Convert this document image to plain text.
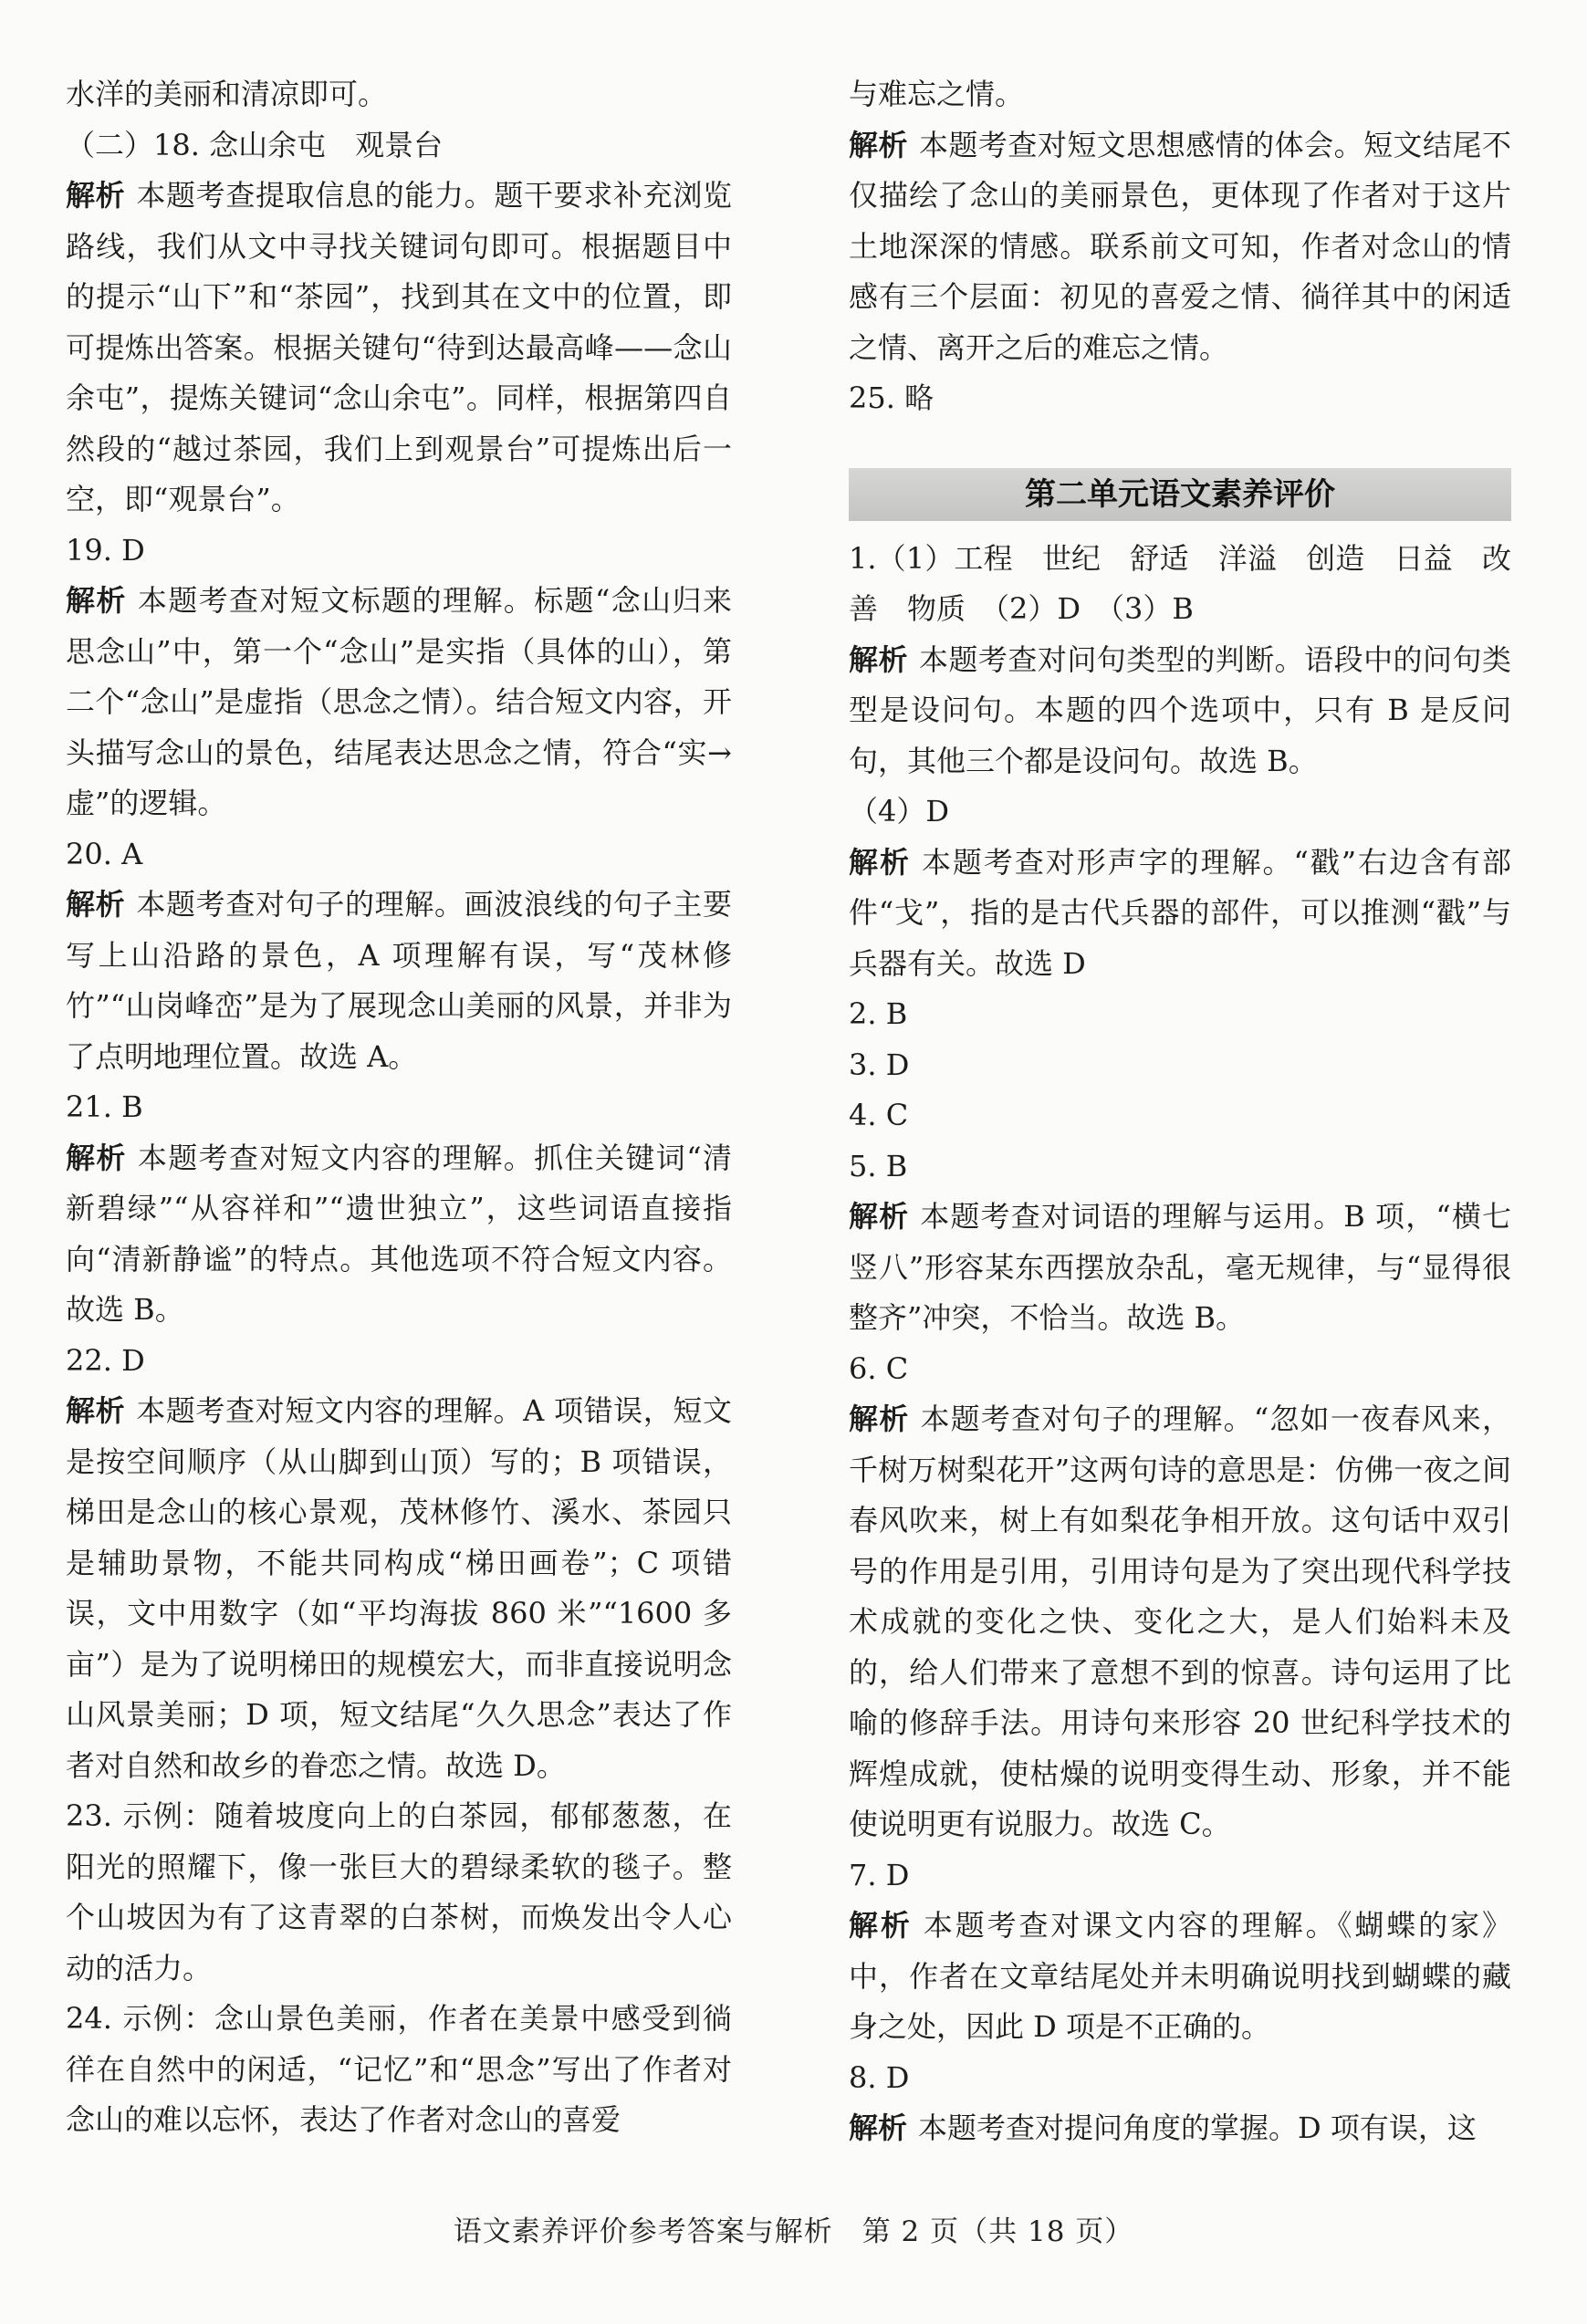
水洋的美丽和清凉即可。

（二）18. 念山余屯　观景台

解析 本题考查提取信息的能力。题干要求补充浏览路线，我们从文中寻找关键词句即可。根据题目中的提示“山下”和“茶园”，找到其在文中的位置，即可提炼出答案。根据关键句“待到达最高峰——念山余屯”，提炼关键词“念山余屯”。同样，根据第四自然段的“越过茶园，我们上到观景台”可提炼出后一空，即“观景台”。

19. D

解析 本题考查对短文标题的理解。标题“念山归来思念山”中，第一个“念山”是实指（具体的山），第二个“念山”是虚指（思念之情）。结合短文内容，开头描写念山的景色，结尾表达思念之情，符合“实→虚”的逻辑。

20. A

解析 本题考查对句子的理解。画波浪线的句子主要写上山沿路的景色，A 项理解有误，写“茂林修竹”“山岗峰峦”是为了展现念山美丽的风景，并非为了点明地理位置。故选 A。

21. B

解析 本题考查对短文内容的理解。抓住关键词“清新碧绿”“从容祥和”“遗世独立”，这些词语直接指向“清新静谧”的特点。其他选项不符合短文内容。故选 B。

22. D

解析 本题考查对短文内容的理解。A 项错误，短文是按空间顺序（从山脚到山顶）写的；B 项错误，梯田是念山的核心景观，茂林修竹、溪水、茶园只是辅助景物，不能共同构成“梯田画卷”；C 项错误，文中用数字（如“平均海拔 860 米”“1600 多亩”）是为了说明梯田的规模宏大，而非直接说明念山风景美丽；D 项，短文结尾“久久思念”表达了作者对自然和故乡的眷恋之情。故选 D。

23. 示例：随着坡度向上的白茶园，郁郁葱葱，在阳光的照耀下，像一张巨大的碧绿柔软的毯子。整个山坡因为有了这青翠的白茶树，而焕发出令人心动的活力。

24. 示例：念山景色美丽，作者在美景中感受到徜徉在自然中的闲适，“记忆”和“思念”写出了作者对念山的难以忘怀，表达了作者对念山的喜爱

与难忘之情。

解析 本题考查对短文思想感情的体会。短文结尾不仅描绘了念山的美丽景色，更体现了作者对于这片土地深深的情感。联系前文可知，作者对念山的情感有三个层面：初见的喜爱之情、徜徉其中的闲适之情、离开之后的难忘之情。

25. 略

第二单元语文素养评价

1.（1）工程　世纪　舒适　洋溢　创造　日益　改善　物质　（2）D　（3）B

解析 本题考查对问句类型的判断。语段中的问句类型是设问句。本题的四个选项中，只有 B 是反问句，其他三个都是设问句。故选 B。

（4）D

解析 本题考查对形声字的理解。“戳”右边含有部件“戈”，指的是古代兵器的部件，可以推测“戳”与兵器有关。故选 D

2. B

3. D

4. C

5. B

解析 本题考查对词语的理解与运用。B 项，“横七竖八”形容某东西摆放杂乱，毫无规律，与“显得很整齐”冲突，不恰当。故选 B。

6. C

解析 本题考查对句子的理解。“忽如一夜春风来，千树万树梨花开”这两句诗的意思是：仿佛一夜之间春风吹来，树上有如梨花争相开放。这句话中双引号的作用是引用，引用诗句是为了突出现代科学技术成就的变化之快、变化之大，是人们始料未及的，给人们带来了意想不到的惊喜。诗句运用了比喻的修辞手法。用诗句来形容 20 世纪科学技术的辉煌成就，使枯燥的说明变得生动、形象，并不能使说明更有说服力。故选 C。

7. D

解析 本题考查对课文内容的理解。《蝴蝶的家》中，作者在文章结尾处并未明确说明找到蝴蝶的藏身之处，因此 D 项是不正确的。

8. D

解析 本题考查对提问角度的掌握。D 项有误，这

语文素养评价参考答案与解析　第 2 页（共 18 页）
